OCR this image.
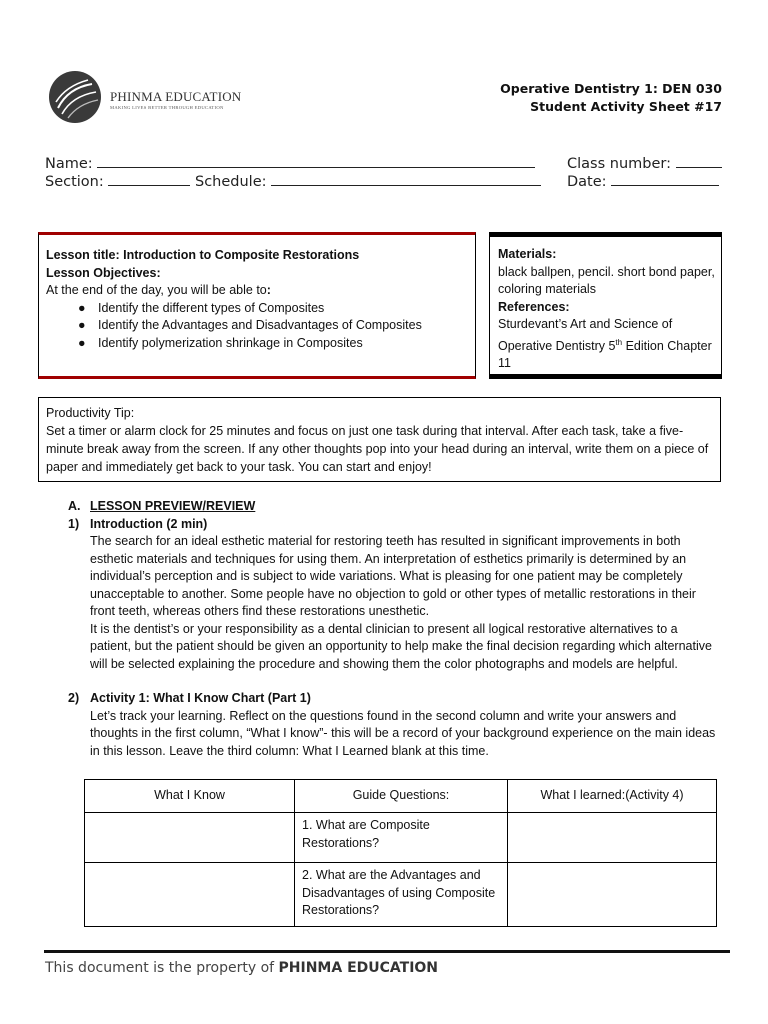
PHINMA EDUCATION
MAKING LIVES BETTER THROUGH EDUCATION
Operative Dentistry 1: DEN 030
Student Activity Sheet #17
Name:	Class number:
Section:	Schedule:	Date:
Lesson title: Introduction to Composite Restorations
Lesson Objectives:
At the end of the day, you will be able to:
● Identify the different types of Composites
● Identify the Advantages and Disadvantages of Composites
● Identify polymerization shrinkage in Composites
Materials:
black ballpen, pencil. short bond paper, coloring materials
References:
Sturdevant’s Art and Science of Operative Dentistry 5th Edition Chapter 11
Productivity Tip:
Set a timer or alarm clock for 25 minutes and focus on just one task during that interval. After each task, take a five-minute break away from the screen. If any other thoughts pop into your head during an interval, write them on a piece of paper and immediately get back to your task. You can start and enjoy!
A. LESSON PREVIEW/REVIEW
1) Introduction (2 min)
The search for an ideal esthetic material for restoring teeth has resulted in significant improvements in both esthetic materials and techniques for using them. An interpretation of esthetics primarily is determined by an individual’s perception and is subject to wide variations. What is pleasing for one patient may be completely unacceptable to another. Some people have no objection to gold or other types of metallic restorations in their front teeth, whereas others find these restorations unesthetic.
It is the dentist’s or your responsibility as a dental clinician to present all logical restorative alternatives to a patient, but the patient should be given an opportunity to help make the final decision regarding which alternative will be selected explaining the procedure and showing them the color photographs and models are helpful.
2) Activity 1: What I Know Chart (Part 1)
Let’s track your learning. Reflect on the questions found in the second column and write your answers and thoughts in the first column, “What I know”- this will be a record of your background experience on the main ideas in this lesson. Leave the third column: What I Learned blank at this time.
What I Know	Guide Questions:	What I learned:(Activity 4)
	1. What are Composite Restorations?	
	2. What are the Advantages and Disadvantages of using Composite Restorations?	
This document is the property of PHINMA EDUCATION
